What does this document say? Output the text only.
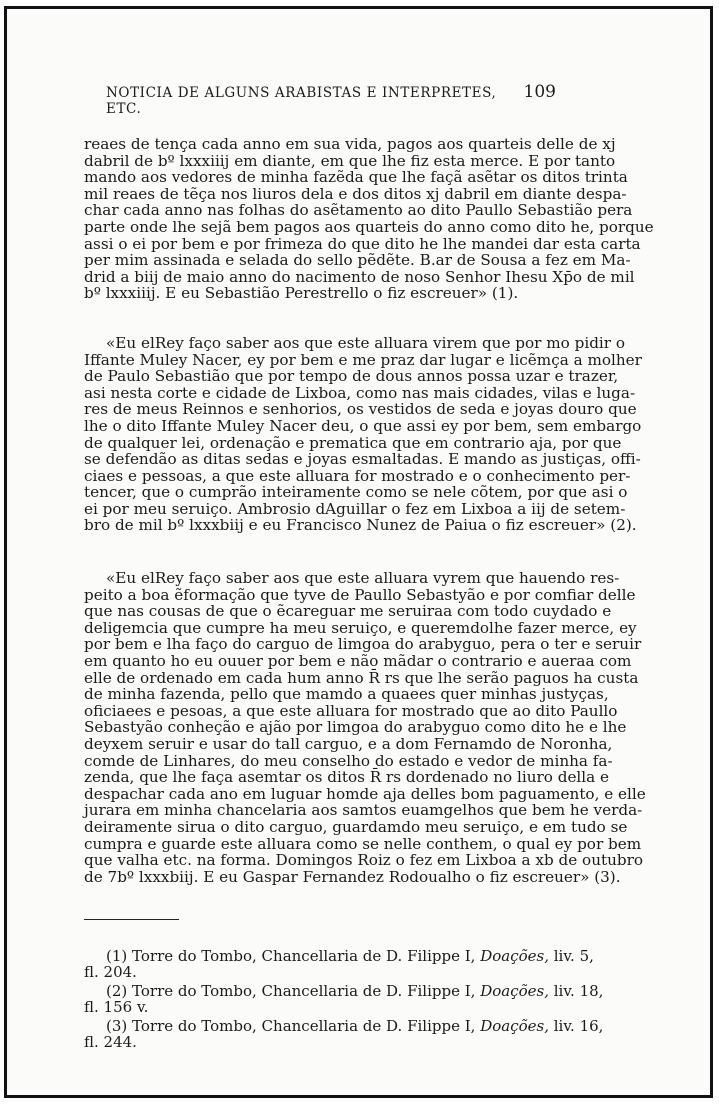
NOTICIA DE ALGUNS ARABISTAS E INTERPRETES, ETC.
109

reaes de tença cada anno em sua vida, pagos aos quarteis delle de xj
dabril de bº lxxxiiij em diante, em que lhe fiz esta merce. E por tanto
mando aos vedores de minha fazẽda que lhe façã asẽtar os ditos trinta
mil reaes de tẽça nos liuros dela e dos ditos xj dabril em diante despa-
char cada anno nas folhas do asẽtamento ao dito Paullo Sebastião pera
parte onde lhe sejã bem pagos aos quarteis do anno como dito he, porque
assi o ei por bem e por frimeza do que dito he lhe mandei dar esta carta
per mim assinada e selada do sello pẽdẽte. B.ar de Sousa a fez em Ma-
drid a biij de maio anno do nacimento de noso Senhor Ihesu Xp̄o de mil
bº lxxxiiij. E eu Sebastião Perestrello o fiz escreuer» (1).

«Eu elRey faço saber aos que este alluara virem que por mo pidir o
Iffante Muley Nacer, ey por bem e me praz dar lugar e licẽmça a molher
de Paulo Sebastião que por tempo de dous annos possa uzar e trazer,
asi nesta corte e cidade de Lixboa, como nas mais cidades, vilas e luga-
res de meus Reinnos e senhorios, os vestidos de seda e joyas douro que
lhe o dito Iffante Muley Nacer deu, o que assi ey por bem, sem embargo
de qualquer lei, ordenação e prematica que em contrario aja, por que
se defendão as ditas sedas e joyas esmaltadas. E mando as justiças, offi-
ciaes e pessoas, a que este alluara for mostrado e o conhecimento per-
tencer, que o cumprão inteiramente como se nele cõtem, por que asi o
ei por meu seruiço. Ambrosio dAguillar o fez em Lixboa a iij de setem-
bro de mil bº lxxxbiij e eu Francisco Nunez de Paiua o fiz escreuer» (2).

«Eu elRey faço saber aos que este alluara vyrem que hauendo res-
peito a boa ẽformação que tyve de Paullo Sebastyão e por comfiar delle
que nas cousas de que o ẽcareguar me seruiraa com todo cuydado e
deligemcia que cumpre ha meu seruiço, e queremdolhe fazer merce, ey
por bem e lha faço do carguo de limgoa do arabyguo, pera o ter e seruir
em quanto ho eu ouuer por bem e não mãdar o contrario e aueraa com
elle de ordenado em cada hum anno R̄ rs que lhe serão paguos ha custa
de minha fazenda, pello que mamdo a quaees quer minhas justyças,
oficiaees e pesoas, a que este alluara for mostrado que ao dito Paullo
Sebastyão conheção e ajão por limgoa do arabyguo como dito he e lhe
deyxem seruir e usar do tall carguo, e a dom Fernamdo de Noronha,
comde de Linhares, do meu conselho do estado e vedor de minha fa-
zenda, que lhe faça asemtar os ditos R̄ rs dordenado no liuro della e
despachar cada ano em luguar homde aja delles bom paguamento, e elle
jurara em minha chancelaria aos samtos euamgelhos que bem he verda-
deiramente sirua o dito carguo, guardamdo meu seruiço, e em tudo se
cumpra e guarde este alluara como se nelle conthem, o qual ey por bem
que valha etc. na forma. Domingos Roiz o fez em Lixboa a xb de outubro
de 7bº lxxxbiij. E eu Gaspar Fernandez Rodoualho o fiz escreuer» (3).

(1) Torre do Tombo, Chancellaria de D. Filippe I, Doações, liv. 5,
fl. 204.

(2) Torre do Tombo, Chancellaria de D. Filippe I, Doações, liv. 18,
fl. 156 v.

(3) Torre do Tombo, Chancellaria de D. Filippe I, Doações, liv. 16,
fl. 244.
